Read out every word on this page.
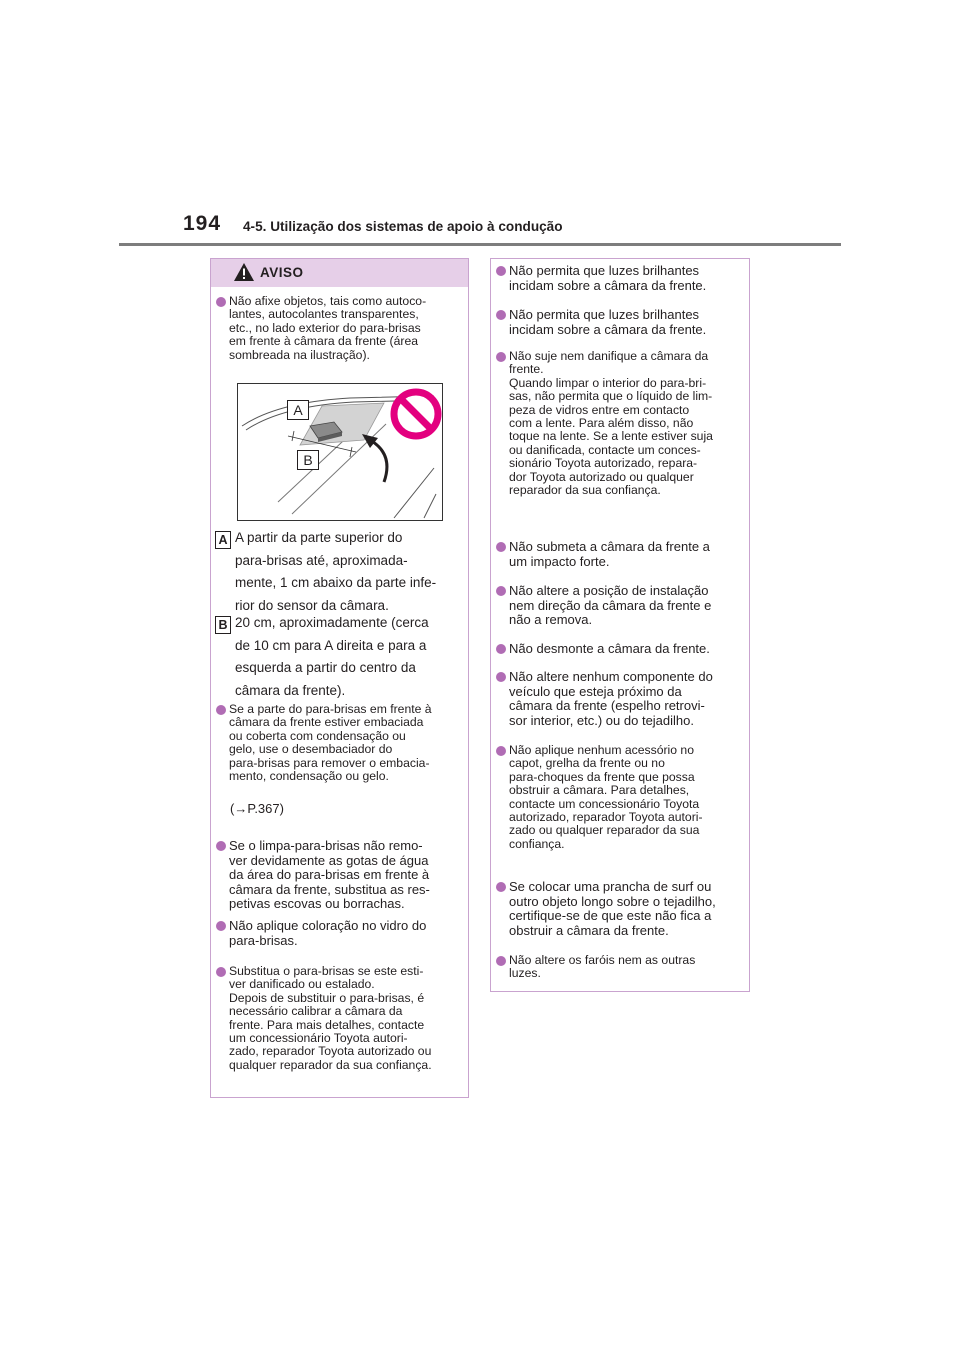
194 4-5. Utilização dos sistemas de apoio à condução
AVISO
Não afixe objetos, tais como autoco-
lantes, autocolantes transparentes,
etc., no lado exterior do para-brisas
em frente à câmara da frente (área
sombreada na ilustração).
A
B
A A partir da parte superior do
para-brisas até, aproximada-
mente, 1 cm abaixo da parte infe-
rior do sensor da câmara.
B 20 cm, aproximadamente (cerca
de 10 cm para A direita e para a
esquerda a partir do centro da
câmara da frente).
Se a parte do para-brisas em frente à
câmara da frente estiver embaciada
ou coberta com condensação ou
gelo, use o desembaciador do
para-brisas para remover o embacia-
mento, condensação ou gelo.
(→P.367)
Se o limpa-para-brisas não remo-
ver devidamente as gotas de água
da área do para-brisas em frente à
câmara da frente, substitua as res-
petivas escovas ou borrachas.
Não aplique coloração no vidro do
para-brisas.
Substitua o para-brisas se este esti-
ver danificado ou estalado.
Depois de substituir o para-brisas, é
necessário calibrar a câmara da
frente. Para mais detalhes, contacte
um concessionário Toyota autori-
zado, reparador Toyota autorizado ou
qualquer reparador da sua confiança.
Não permita que luzes brilhantes
incidam sobre a câmara da frente.
Não permita que luzes brilhantes
incidam sobre a câmara da frente.
Não suje nem danifique a câmara da
frente.
Quando limpar o interior do para-bri-
sas, não permita que o líquido de lim-
peza de vidros entre em contacto
com a lente. Para além disso, não
toque na lente. Se a lente estiver suja
ou danificada, contacte um conces-
sionário Toyota autorizado, repara-
dor Toyota autorizado ou qualquer
reparador da sua confiança.
Não submeta a câmara da frente a
um impacto forte.
Não altere a posição de instalação
nem direção da câmara da frente e
não a remova.
Não desmonte a câmara da frente.
Não altere nenhum componente do
veículo que esteja próximo da
câmara da frente (espelho retrovi-
sor interior, etc.) ou do tejadilho.
Não aplique nenhum acessório no
capot, grelha da frente ou no
para-choques da frente que possa
obstruir a câmara. Para detalhes,
contacte um concessionário Toyota
autorizado, reparador Toyota autori-
zado ou qualquer reparador da sua
confiança.
Se colocar uma prancha de surf ou
outro objeto longo sobre o tejadilho,
certifique-se de que este não fica a
obstruir a câmara da frente.
Não altere os faróis nem as outras
luzes.
